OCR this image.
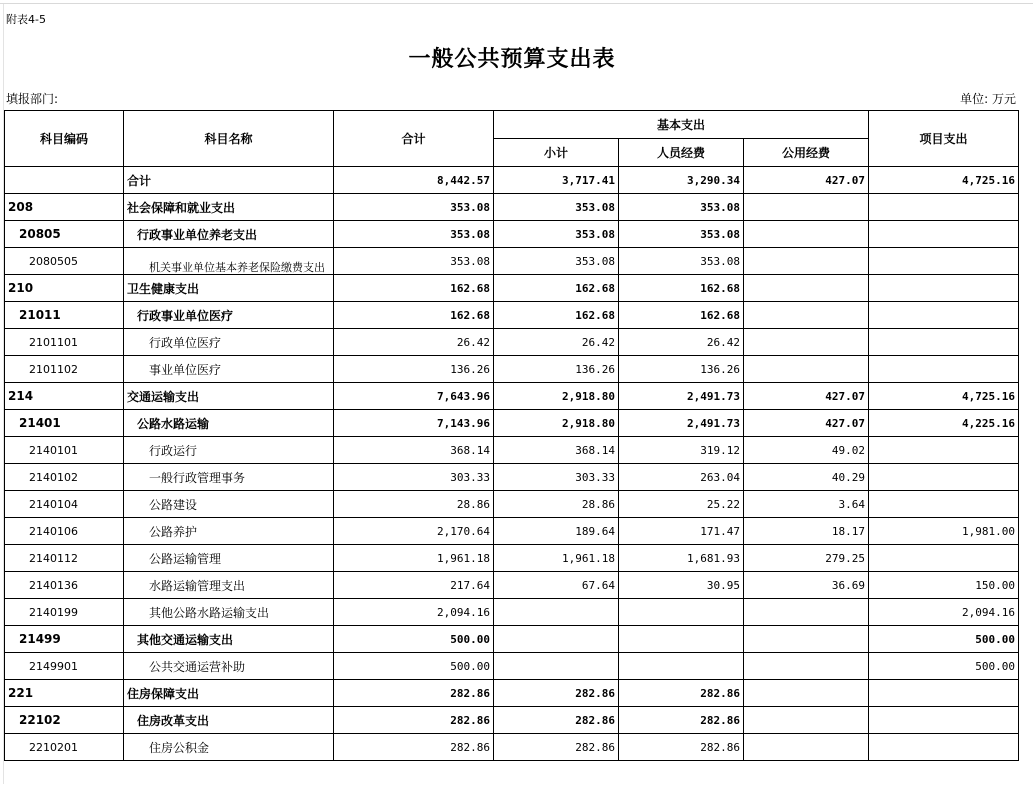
附表4-5
一般公共预算支出表
填报部门:	单位: 万元
科目编码	科目名称	合计	基本支出			项目支出
			小计	人员经费	公用经费	
	合计	8,442.57	3,717.41	3,290.34	427.07	4,725.16
208	社会保障和就业支出	353.08	353.08	353.08		
20805	行政事业单位养老支出	353.08	353.08	353.08		
2080505	机关事业单位基本养老保险缴费支出	353.08	353.08	353.08		
210	卫生健康支出	162.68	162.68	162.68		
21011	行政事业单位医疗	162.68	162.68	162.68		
2101101	行政单位医疗	26.42	26.42	26.42		
2101102	事业单位医疗	136.26	136.26	136.26		
214	交通运输支出	7,643.96	2,918.80	2,491.73	427.07	4,725.16
21401	公路水路运输	7,143.96	2,918.80	2,491.73	427.07	4,225.16
2140101	行政运行	368.14	368.14	319.12	49.02	
2140102	一般行政管理事务	303.33	303.33	263.04	40.29	
2140104	公路建设	28.86	28.86	25.22	3.64	
2140106	公路养护	2,170.64	189.64	171.47	18.17	1,981.00
2140112	公路运输管理	1,961.18	1,961.18	1,681.93	279.25	
2140136	水路运输管理支出	217.64	67.64	30.95	36.69	150.00
2140199	其他公路水路运输支出	2,094.16				2,094.16
21499	其他交通运输支出	500.00				500.00
2149901	公共交通运营补助	500.00				500.00
221	住房保障支出	282.86	282.86	282.86		
22102	住房改革支出	282.86	282.86	282.86		
2210201	住房公积金	282.86	282.86	282.86		
